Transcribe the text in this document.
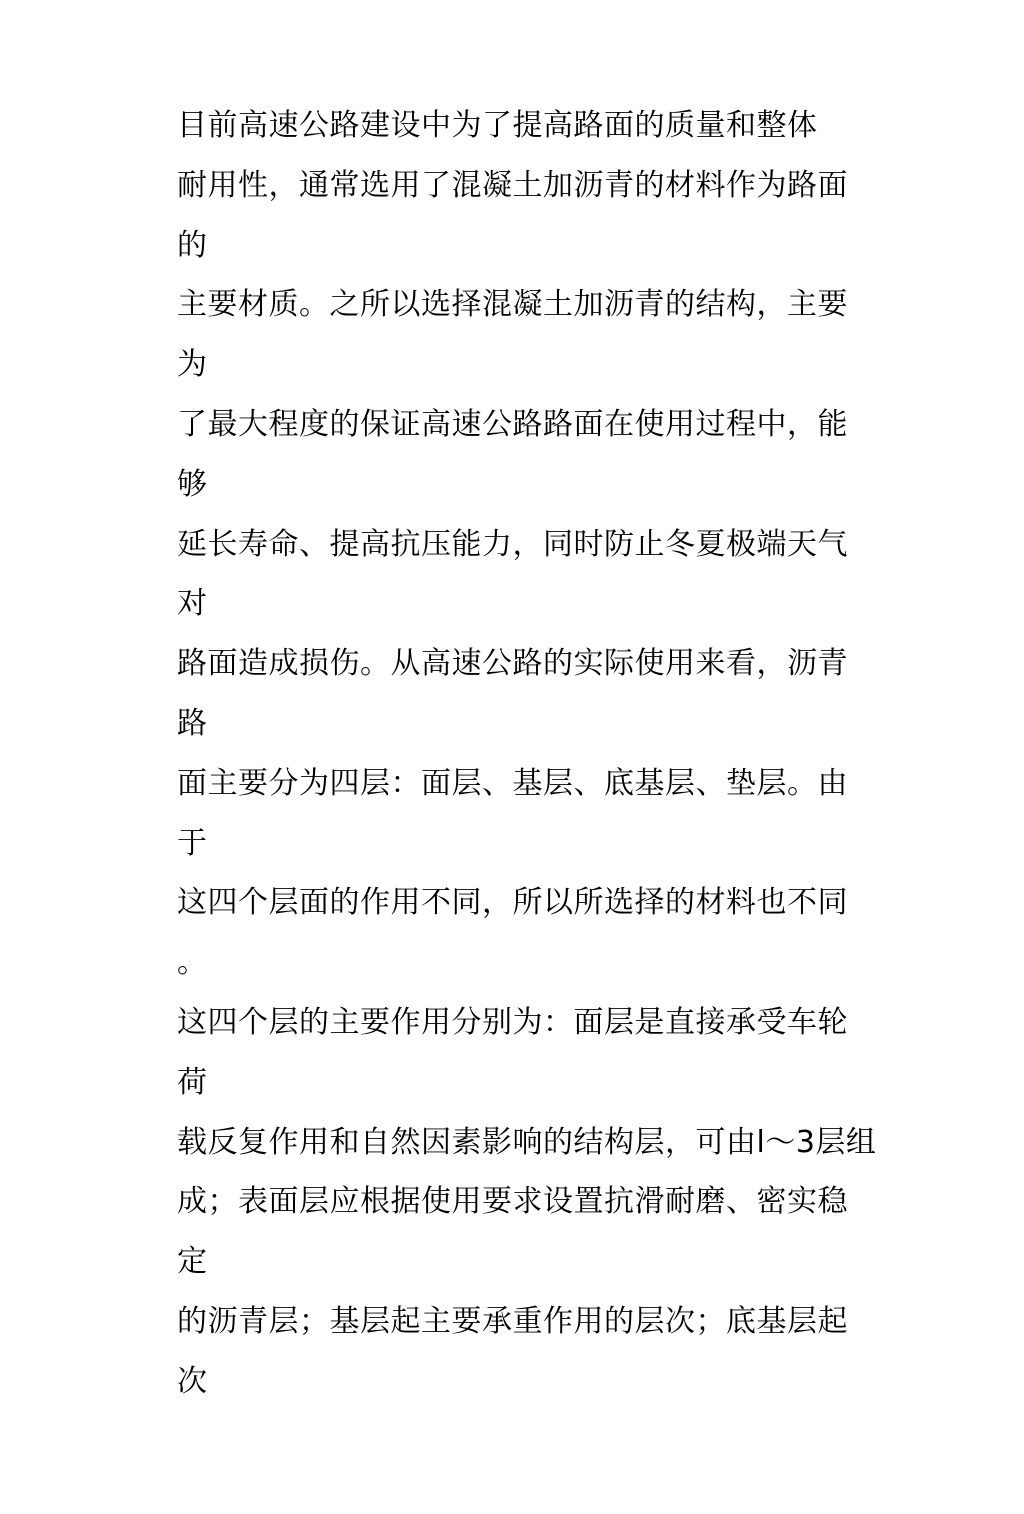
目前高速公路建设中为了提高路面的质量和整体
耐用性，通常选用了混凝土加沥青的材料作为路面
的
主要材质。之所以选择混凝土加沥青的结构，主要
为
了最大程度的保证高速公路路面在使用过程中，能
够
延长寿命、提高抗压能力，同时防止冬夏极端天气
对
路面造成损伤。从高速公路的实际使用来看，沥青
路
面主要分为四层：面层、基层、底基层、垫层。由
于
这四个层面的作用不同，所以所选择的材料也不同
。
这四个层的主要作用分别为：面层是直接承受车轮
荷
载反复作用和自然因素影响的结构层，可由l～3层组
成；表面层应根据使用要求设置抗滑耐磨、密实稳
定
的沥青层；基层起主要承重作用的层次；底基层起
次
